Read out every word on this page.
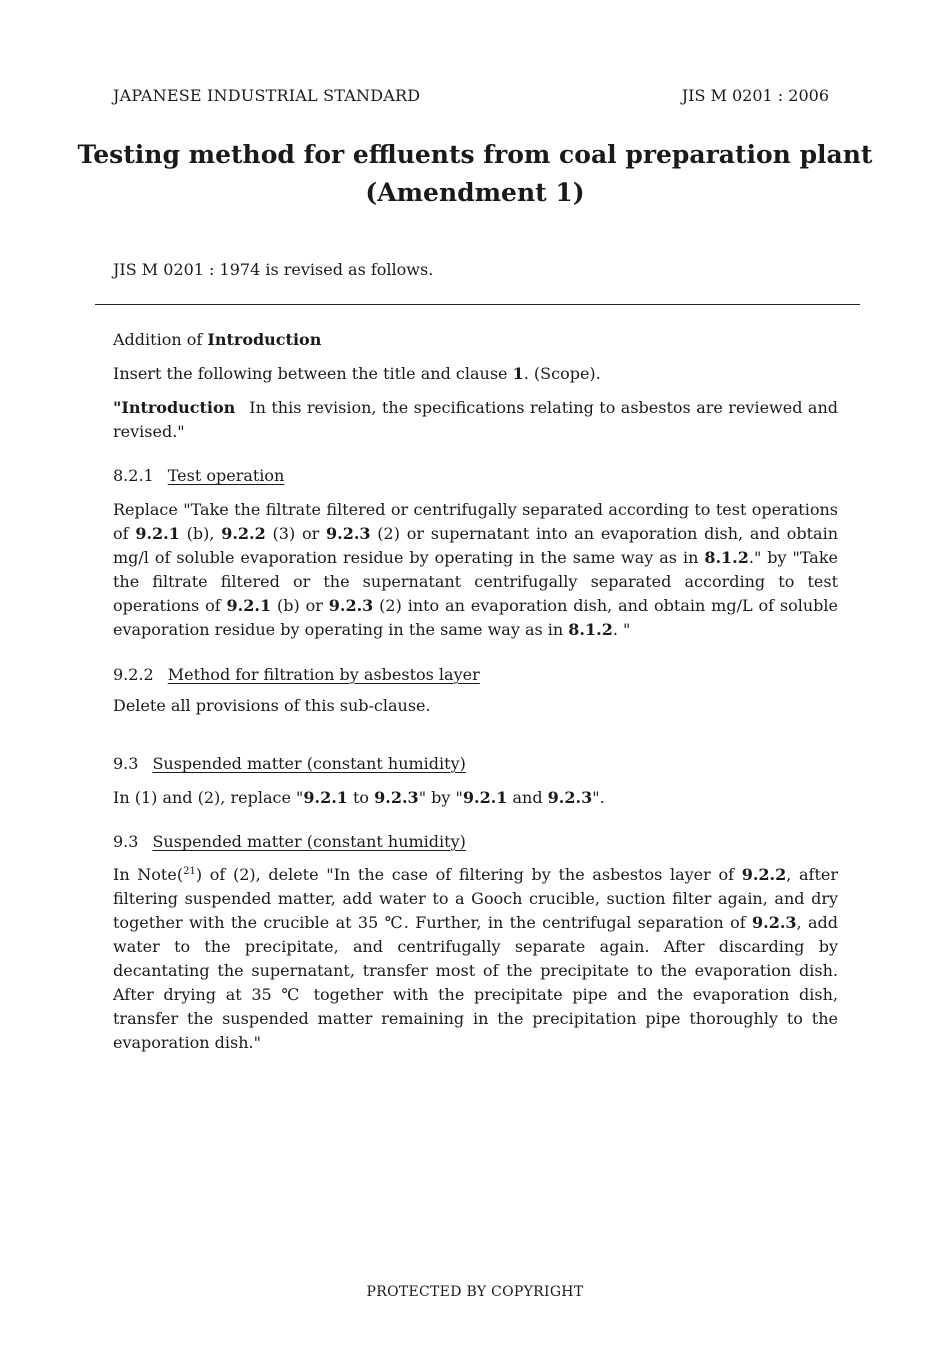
JAPANESE INDUSTRIAL STANDARD	JIS M 0201 : 2006
Testing method for effluents from coal preparation plant
(Amendment 1)
JIS M 0201 : 1974 is revised as follows.
Addition of Introduction
Insert the following between the title and clause 1. (Scope).
"Introduction In this revision, the specifications relating to asbestos are reviewed and revised."
8.2.1 Test operation
Replace "Take the filtrate filtered or centrifugally separated according to test operations of 9.2.1 (b), 9.2.2 (3) or 9.2.3 (2) or supernatant into an evaporation dish, and obtain mg/l of soluble evaporation residue by operating in the same way as in 8.1.2." by "Take the filtrate filtered or the supernatant centrifugally separated according to test operations of 9.2.1 (b) or 9.2.3 (2) into an evaporation dish, and obtain mg/L of soluble evaporation residue by operating in the same way as in 8.1.2. "
9.2.2 Method for filtration by asbestos layer
Delete all provisions of this sub-clause.
9.3 Suspended matter (constant humidity)
In (1) and (2), replace "9.2.1 to 9.2.3" by "9.2.1 and 9.2.3".
9.3 Suspended matter (constant humidity)
In Note($^{21}$) of (2), delete "In the case of filtering by the asbestos layer of 9.2.2, after filtering suspended matter, add water to a Gooch crucible, suction filter again, and dry together with the crucible at 35 ℃. Further, in the centrifugal separation of 9.2.3, add water to the precipitate, and centrifugally separate again. After discarding by decantating the supernatant, transfer most of the precipitate to the evaporation dish. After drying at 35 ℃ together with the precipitate pipe and the evaporation dish, transfer the suspended matter remaining in the precipitation pipe thoroughly to the evaporation dish."
PROTECTED BY COPYRIGHT
